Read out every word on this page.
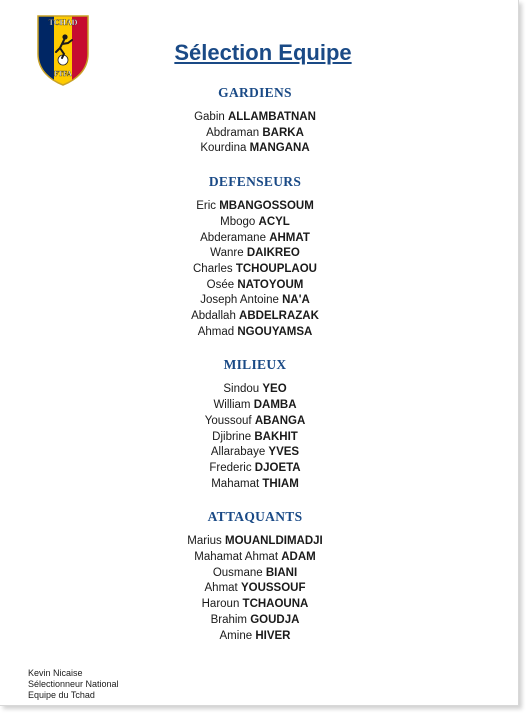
TCHAD
FTFA
Sélection Equipe
GARDIENS
Gabin ALLAMBATNAN
Abdraman BARKA
Kourdina MANGANA
DEFENSEURS
Eric MBANGOSSOUM
Mbogo ACYL
Abderamane AHMAT
Wanre DAIKREO
Charles TCHOUPLAOU
Osée NATOYOUM
Joseph Antoine NA'A
Abdallah ABDELRAZAK
Ahmad NGOUYAMSA
MILIEUX
Sindou YEO
William DAMBA
Youssouf ABANGA
Djibrine BAKHIT
Allarabaye YVES
Frederic DJOETA
Mahamat THIAM
ATTAQUANTS
Marius MOUANLDIMADJI
Mahamat Ahmat ADAM
Ousmane BIANI
Ahmat YOUSSOUF
Haroun TCHAOUNA
Brahim GOUDJA
Amine HIVER
Kevin Nicaise
Sélectionneur National
Equipe du Tchad
